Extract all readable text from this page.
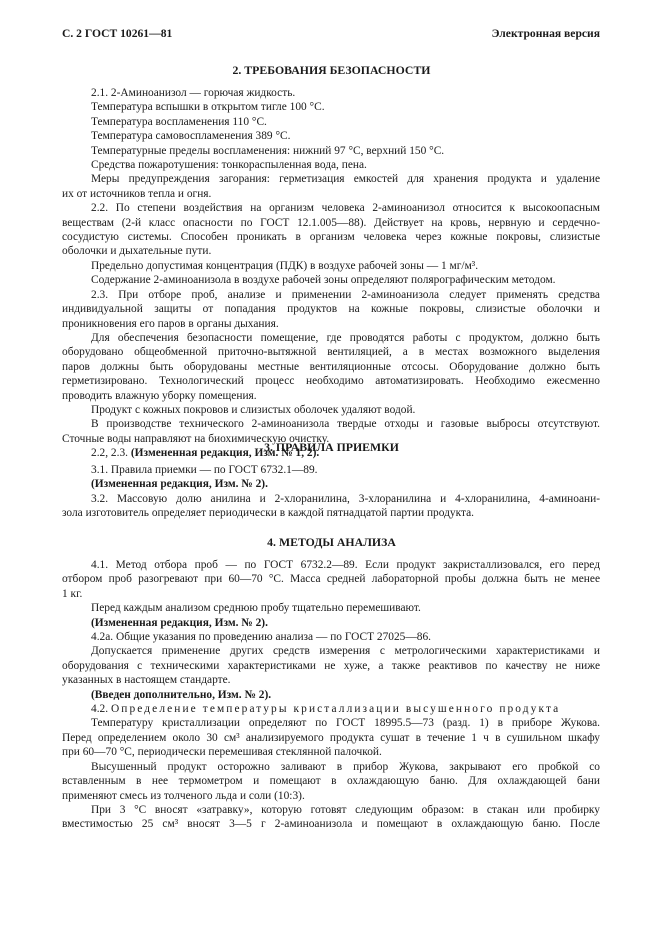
С. 2 ГОСТ 10261—81	Электронная версия
2. ТРЕБОВАНИЯ БЕЗОПАСНОСТИ

2.1. 2-Аминоанизол — горючая жидкость.

Температура вспышки в открытом тигле 100 °С.

Температура воспламенения 110 °С.

Температура самовоспламенения 389 °С.

Температурные пределы воспламенения: нижний 97 °С, верхний 150 °С.

Средства пожаротушения: тонкораспыленная вода, пена.

Меры предупреждения загорания: герметизация емкостей для хранения продукта и удаление

их от источников тепла и огня.

2.2. По степени воздействия на организм человека 2-аминоанизол относится к высокоопасным

веществам (2-й класс опасности по ГОСТ 12.1.005—88). Действует на кровь, нервную и сердечно-

сосудистую системы. Способен проникать в организм человека через кожные покровы, слизистые

оболочки и дыхательные пути.

Предельно допустимая концентрация (ПДК) в воздухе рабочей зоны — 1 мг/м³.

Содержание 2-аминоанизола в воздухе рабочей зоны определяют полярографическим методом.

2.3. При отборе проб, анализе и применении 2-аминоанизола следует применять средства

индивидуальной защиты от попадания продуктов на кожные покровы, слизистые оболочки и

проникновения его паров в органы дыхания.

Для обеспечения безопасности помещение, где проводятся работы с продуктом, должно быть

оборудовано общеобменной приточно-вытяжной вентиляцией, а в местах возможного выделения

паров должны быть оборудованы местные вентиляционные отсосы. Оборудование должно быть

герметизировано. Технологический процесс необходимо автоматизировать. Необходимо ежесменно

проводить влажную уборку помещения.

Продукт с кожных покровов и слизистых оболочек удаляют водой.

В производстве технического 2-аминоанизола твердые отходы и газовые выбросы отсутствуют.

Сточные воды направляют на биохимическую очистку.

2.2, 2.3. (Измененная редакция, Изм. № 1, 2).

3. ПРАВИЛА ПРИЕМКИ

3.1. Правила приемки — по ГОСТ 6732.1—89.

(Измененная редакция, Изм. № 2).

3.2. Массовую долю анилина и 2-хлоранилина, 3-хлоранилина и 4-хлоранилина, 4-аминоани-

зола изготовитель определяет периодически в каждой пятнадцатой партии продукта.

4. МЕТОДЫ АНАЛИЗА

4.1. Метод отбора проб — по ГОСТ 6732.2—89. Если продукт закристаллизовался, его перед

отбором проб разогревают при 60—70 °С. Масса средней лабораторной пробы должна быть не менее

1 кг.

Перед каждым анализом среднюю пробу тщательно перемешивают.

(Измененная редакция, Изм. № 2).

4.2а. Общие указания по проведению анализа — по ГОСТ 27025—86.

Допускается применение других средств измерения с метрологическими характеристиками и

оборудования с техническими характеристиками не хуже, а также реактивов по качеству не ниже

указанных в настоящем стандарте.

(Введен дополнительно, Изм. № 2).

4.2. Определение температуры кристаллизации высушенного продукта

Температуру кристаллизации определяют по ГОСТ 18995.5—73 (разд. 1) в приборе Жукова.

Перед определением около 30 см³ анализируемого продукта сушат в течение 1 ч в сушильном шкафу

при 60—70 °С, периодически перемешивая стеклянной палочкой.

Высушенный продукт осторожно заливают в прибор Жукова, закрывают его пробкой со

вставленным в нее термометром и помещают в охлаждающую баню. Для охлаждающей бани

применяют смесь из толченого льда и соли (10:3).

При 3 °С вносят «затравку», которую готовят следующим образом: в стакан или пробирку

вместимостью 25 см³ вносят 3—5 г 2-аминоанизола и помещают в охлаждающую баню. После
